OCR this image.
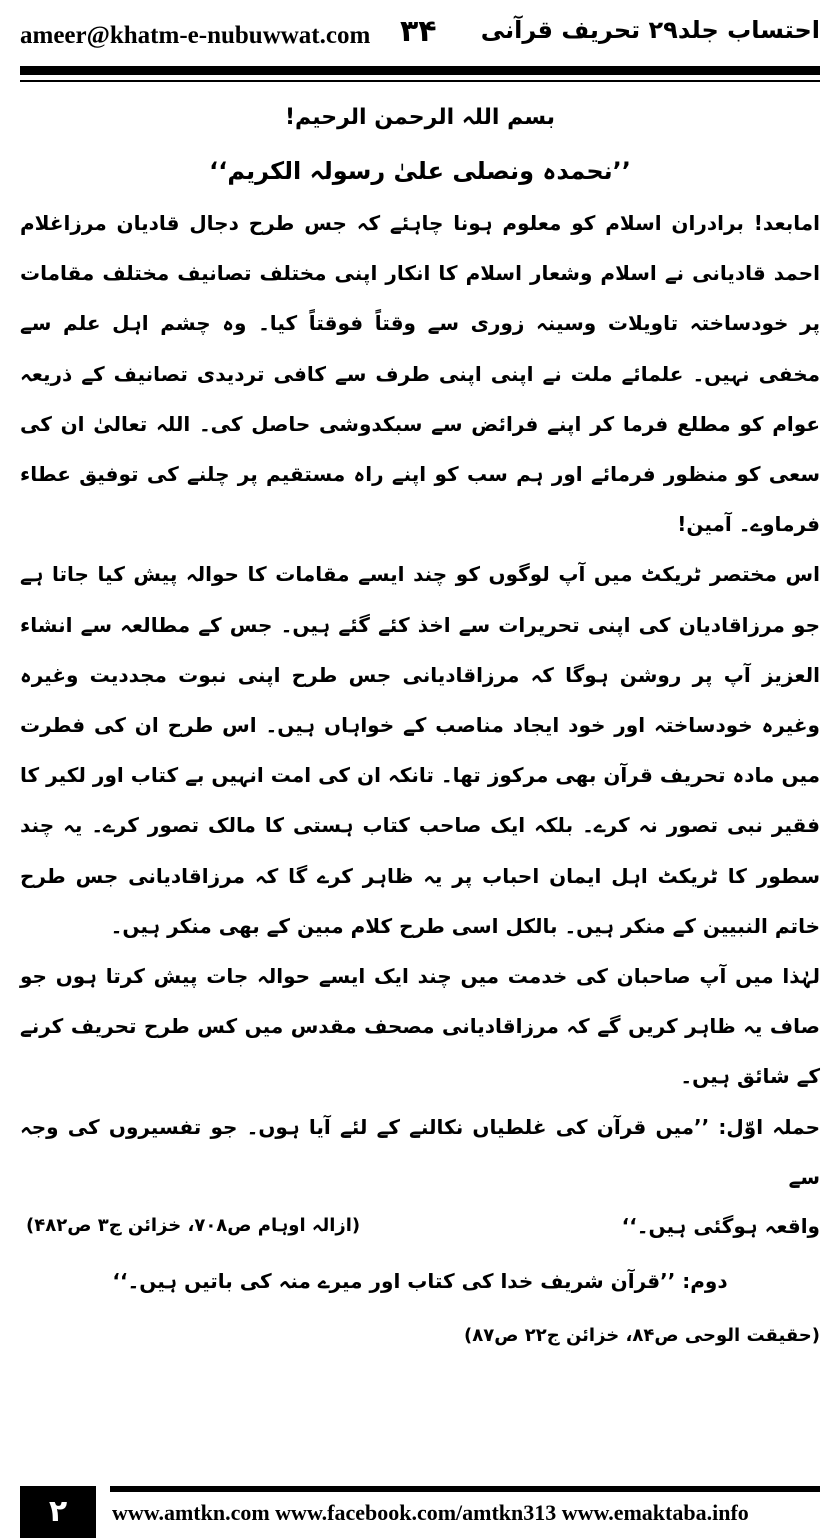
ameer@khatm-e-nubuwwat.com ۳۴ احتساب جلد۲۹ تحریف قرآنی
بسم اللہ الرحمن الرحیم!
’’نحمدہ ونصلی علیٰ رسولہ الکریم‘‘

امابعد! برادران اسلام کو معلوم ہونا چاہئے کہ جس طرح دجال قادیان مرزاغلام احمد قادیانی نے اسلام وشعار اسلام کا انکار اپنی مختلف تصانیف مختلف مقامات پر خودساختہ تاویلات وسینہ زوری سے وقتاً فوقتاً کیا۔ وہ چشم اہل علم سے مخفی نہیں۔ علمائے ملت نے اپنی اپنی طرف سے کافی تردیدی تصانیف کے ذریعہ عوام کو مطلع فرما کر اپنے فرائض سے سبکدوشی حاصل کی۔ اللہ تعالیٰ ان کی سعی کو منظور فرمائے اور ہم سب کو اپنے راہ مستقیم پر چلنے کی توفیق عطاء فرماوے۔ آمین!

اس مختصر ٹریکٹ میں آپ لوگوں کو چند ایسے مقامات کا حوالہ پیش کیا جاتا ہے جو مرزاقادیان کی اپنی تحریرات سے اخذ کئے گئے ہیں۔ جس کے مطالعہ سے انشاء العزیز آپ پر روشن ہوگا کہ مرزاقادیانی جس طرح اپنی نبوت مجددیت وغیرہ وغیرہ خودساختہ اور خود ایجاد مناصب کے خواہاں ہیں۔ اس طرح ان کی فطرت میں مادہ تحریف قرآن بھی مرکوز تھا۔ تانکہ ان کی امت انہیں بے کتاب اور لکیر کا فقیر نبی تصور نہ کرے۔ بلکہ ایک صاحب کتاب ہستی کا مالک تصور کرے۔ یہ چند سطور کا ٹریکٹ اہل ایمان احباب پر یہ ظاہر کرے گا کہ مرزاقادیانی جس طرح خاتم النبیین کے منکر ہیں۔ بالکل اسی طرح کلام مبین کے بھی منکر ہیں۔

لہٰذا میں آپ صاحبان کی خدمت میں چند ایک ایسے حوالہ جات پیش کرتا ہوں جو صاف یہ ظاہر کریں گے کہ مرزاقادیانی مصحف مقدس میں کس طرح تحریف کرنے کے شائق ہیں۔

حملہ اوّل: ’’میں قرآن کی غلطیاں نکالنے کے لئے آیا ہوں۔ جو تفسیروں کی وجہ سے

واقعہ ہوگئی ہیں۔‘‘
(ازالہ اوہام ص۷۰۸، خزائن ج۳ ص۴۸۲)
دوم: ’’قرآن شریف خدا کی کتاب اور میرے منہ کی باتیں ہیں۔‘‘
(حقیقت الوحی ص۸۴، خزائن ج۲۲ ص۸۷)
۲	www.amtkn.com www.facebook.com/amtkn313 www.emaktaba.info
